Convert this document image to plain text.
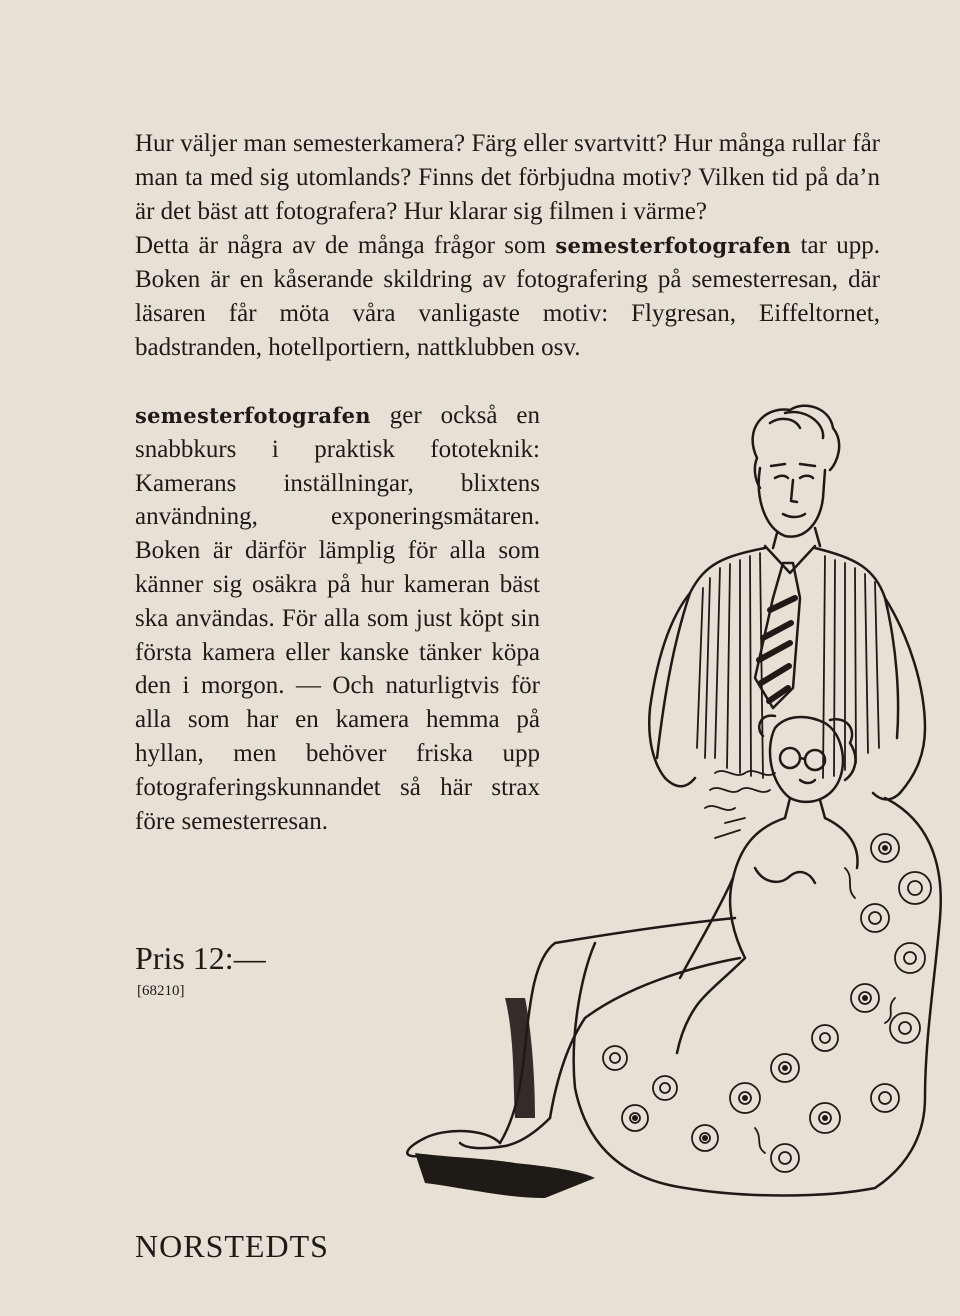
Hur väljer man semesterkamera? Färg eller svartvitt? Hur många rullar får man ta med sig utomlands? Finns det förbjudna motiv? Vilken tid på da’n är det bäst att fotografera? Hur klarar sig filmen i värme?

Detta är några av de många frågor som semesterfotografen tar upp. Boken är en kåserande skildring av fotografering på semesterresan, där läsaren får möta våra vanligaste motiv: Flygresan, Eiffeltornet, badstranden, hotellportiern, nattklubben osv.

semesterfotografen ger också en snabbkurs i praktisk fototeknik: Kamerans inställningar, blixtens användning, exponeringsmätaren. Boken är därför lämplig för alla som känner sig osäkra på hur kameran bäst ska användas. För alla som just köpt sin första kamera eller kanske tänker köpa den i morgon. — Och naturligtvis för alla som har en kamera hemma på hyllan, men behöver friska upp fotograferingskunnandet så här strax före semesterresan.

Pris 12:—
[68210]
NORSTEDTS
